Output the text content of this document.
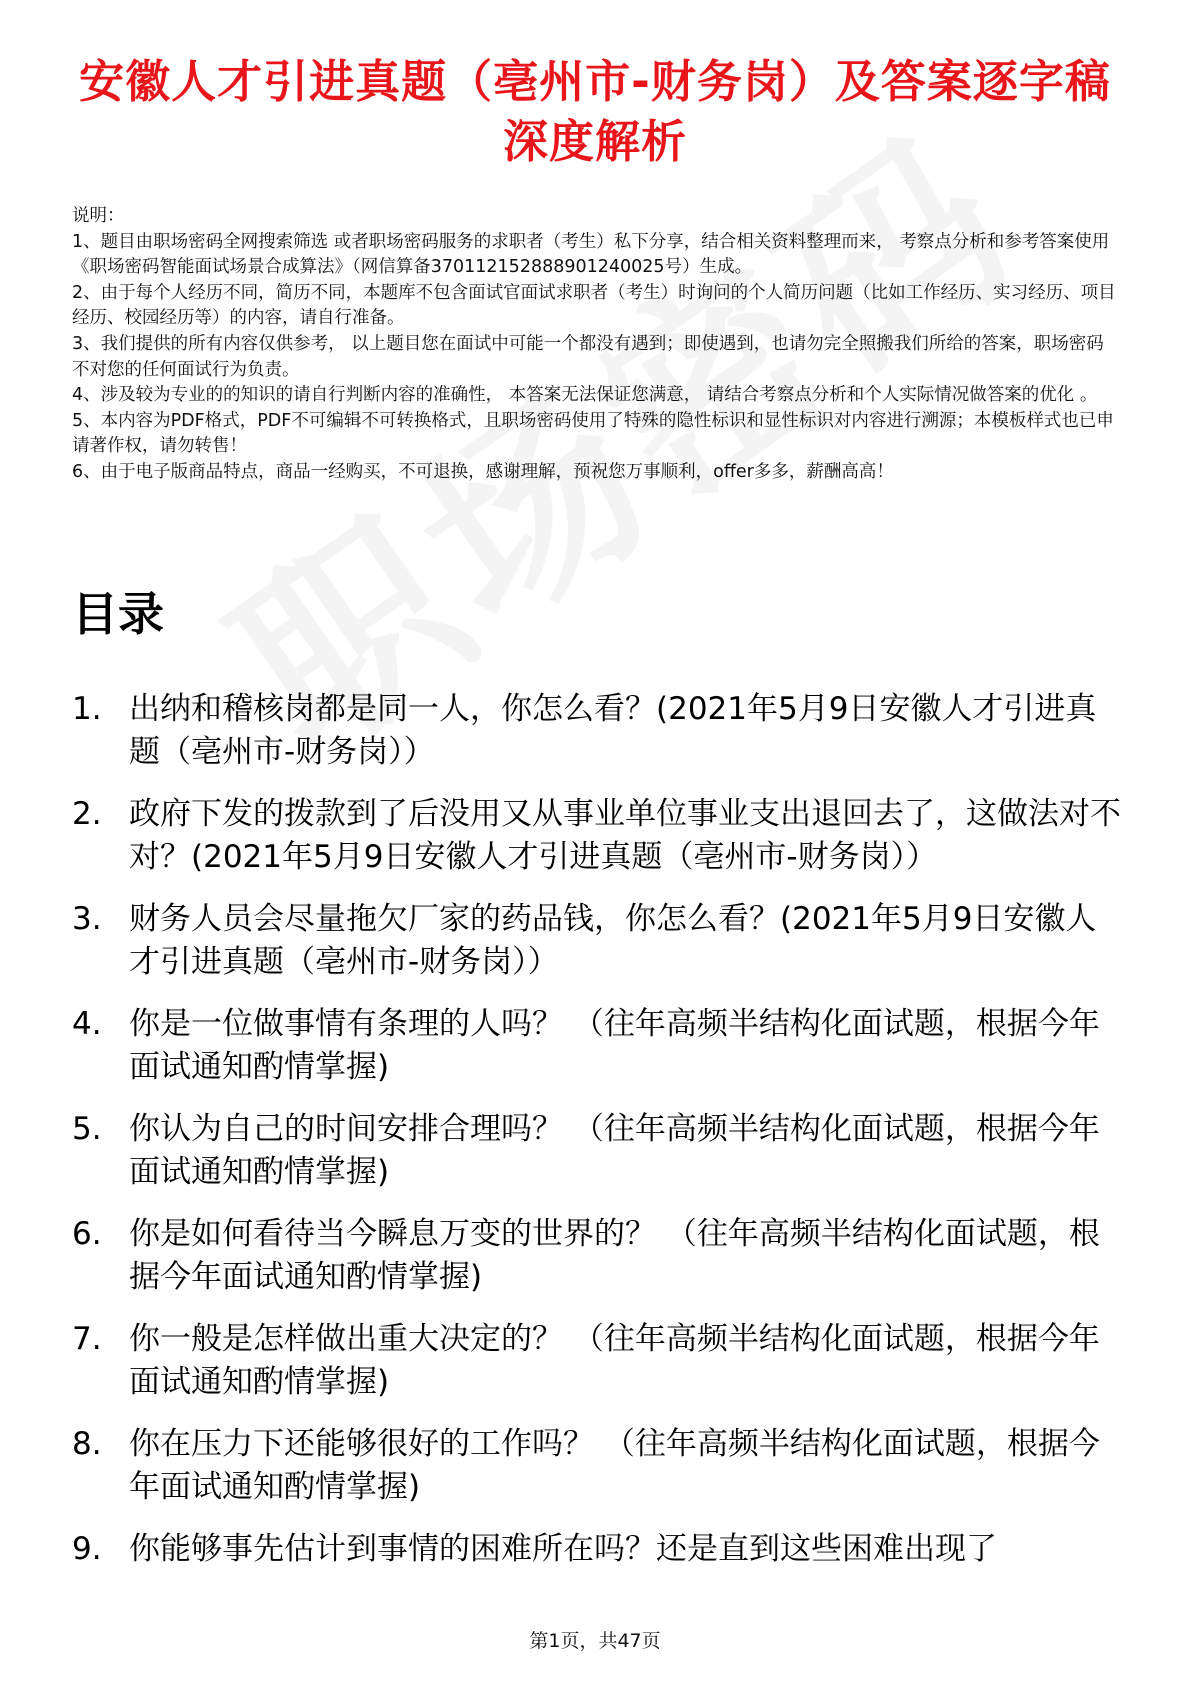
安徽人才引进真题（亳州市-财务岗）及答案逐字稿深度解析

说明：

1、题目由职场密码全网搜索筛选 或者职场密码服务的求职者（考生）私下分享，结合相关资料整理而来， 考察点分析和参考答案使用《职场密码智能面试场景合成算法》（网信算备370112152888901240025号）生成。

2、由于每个人经历不同，简历不同，本题库不包含面试官面试求职者（考生）时询问的个人简历问题（比如工作经历、实习经历、项目经历、校园经历等）的内容，请自行准备。

3、我们提供的所有内容仅供参考， 以上题目您在面试中可能一个都没有遇到；即使遇到，也请勿完全照搬我们所给的答案，职场密码不对您的任何面试行为负责。

4、涉及较为专业的的知识的请自行判断内容的准确性， 本答案无法保证您满意， 请结合考察点分析和个人实际情况做答案的优化 。

5、本内容为PDF格式，PDF不可编辑不可转换格式，且职场密码使用了特殊的隐性标识和显性标识对内容进行溯源；本模板样式也已申请著作权，请勿转售！

6、由于电子版商品特点，商品一经购买，不可退换，感谢理解，预祝您万事顺利，offer多多，薪酬高高！

目录
1. 出纳和稽核岗都是同一人，你怎么看？(2021年5月9日安徽人才引进真题（亳州市-财务岗））
2. 政府下发的拨款到了后没用又从事业单位事业支出退回去了，这做法对不对？(2021年5月9日安徽人才引进真题（亳州市-财务岗））
3. 财务人员会尽量拖欠厂家的药品钱，你怎么看？(2021年5月9日安徽人才引进真题（亳州市-财务岗））
4. 你是一位做事情有条理的人吗？ （往年高频半结构化面试题，根据今年面试通知酌情掌握)
5. 你认为自己的时间安排合理吗？ （往年高频半结构化面试题，根据今年面试通知酌情掌握)
6. 你是如何看待当今瞬息万变的世界的？ （往年高频半结构化面试题，根据今年面试通知酌情掌握)
7. 你一般是怎样做出重大决定的？ （往年高频半结构化面试题，根据今年面试通知酌情掌握)
8. 你在压力下还能够很好的工作吗？ （往年高频半结构化面试题，根据今年面试通知酌情掌握)
9. 你能够事先估计到事情的困难所在吗？还是直到这些困难出现了
第1页，共47页
